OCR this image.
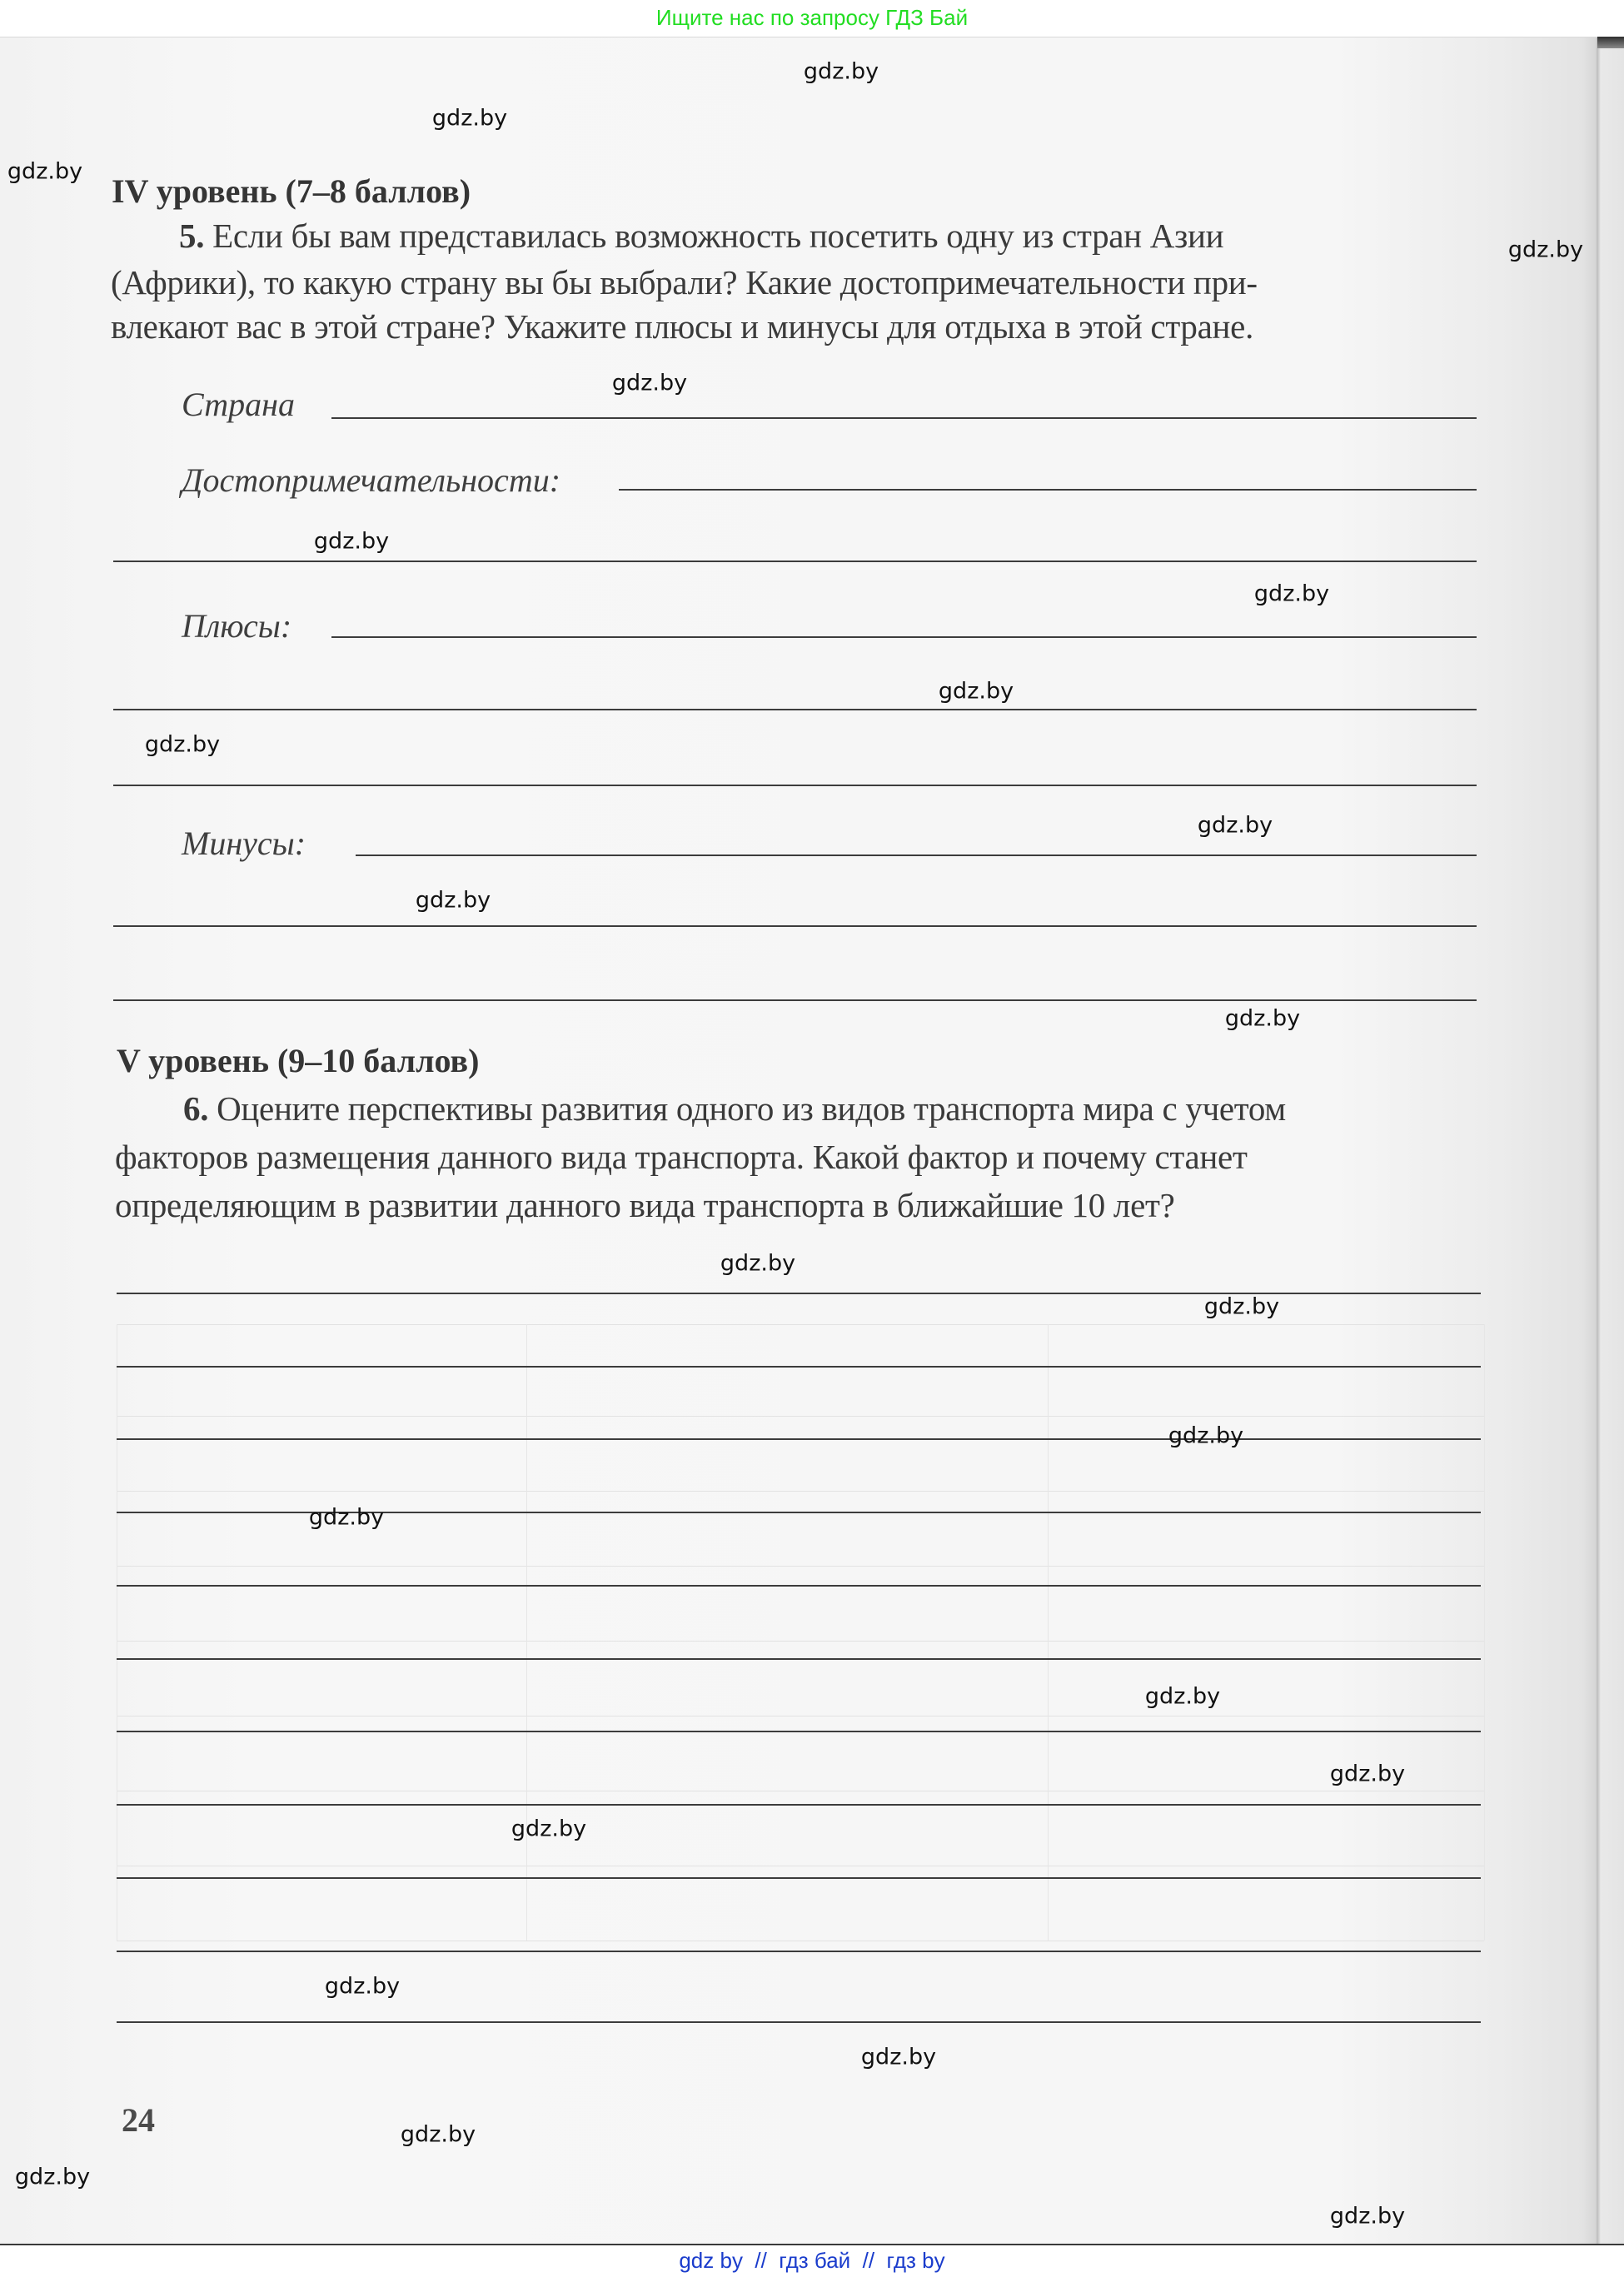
Ищите нас по запросу ГДЗ Бай
IV уровень (7–8 баллов)
5. Если бы вам представилась возможность посетить одну из стран Азии
(Африки), то какую страну вы бы выбрали? Какие достопримечательности при-
влекают вас в этой стране? Укажите плюсы и минусы для отдыха в этой стране.
Страна
Достопримечательности:
Плюсы:
Минусы:
V уровень (9–10 баллов)
6. Оцените перспективы развития одного из видов транспорта мира с учетом
факторов размещения данного вида транспорта. Какой фактор и почему станет
определяющим в развитии данного вида транспорта в ближайшие 10 лет?
24
gdz.by
gdz.by
gdz.by
gdz.by
gdz.by
gdz.by
gdz.by
gdz.by
gdz.by
gdz.by
gdz.by
gdz.by
gdz.by
gdz.by
gdz.by
gdz.by
gdz.by
gdz.by
gdz.by
gdz.by
gdz.by
gdz.by
gdz.by
gdz.by
gdz by  //  гдз бай  //  гдз by
